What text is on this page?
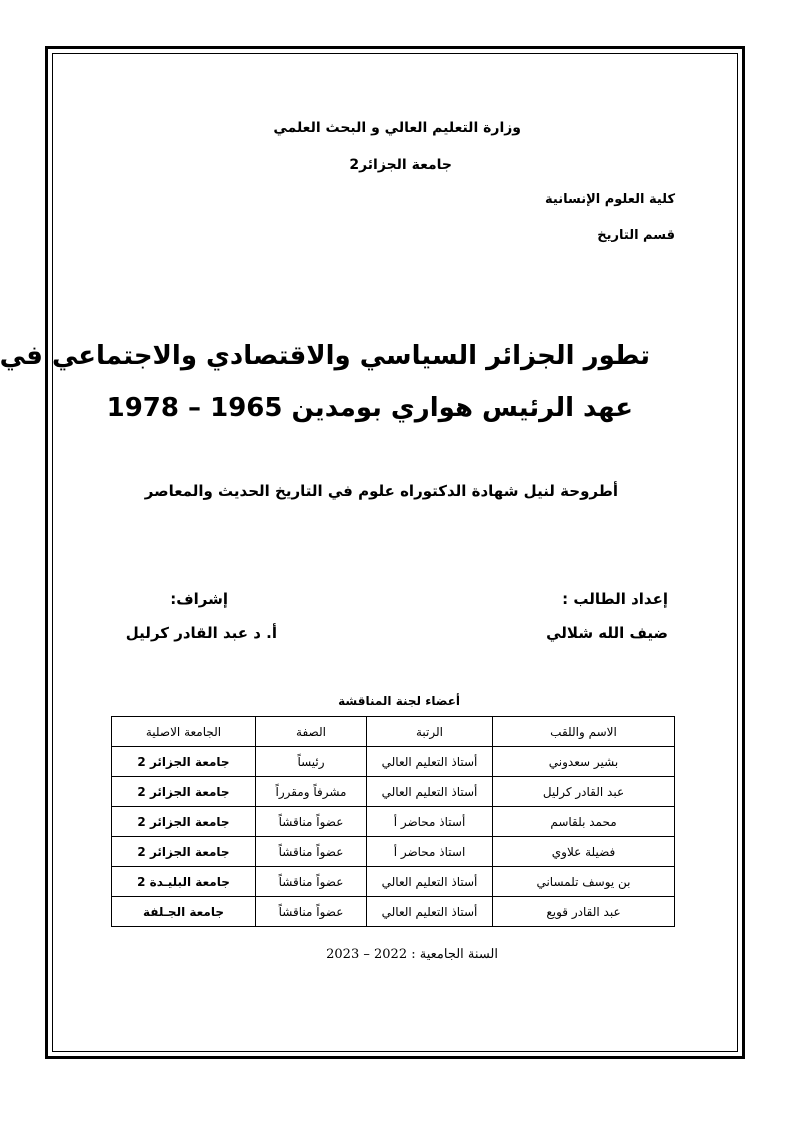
وزارة التعليم العالي و البحث العلمي
جامعة الجزائر2
كلية العلوم الإنسانية
قسم التاريخ
تطور الجزائر السياسي والاقتصادي والاجتماعي في
عهد الرئيس هواري بومدين 1965 – 1978
أطروحة لنيل شهادة الدكتوراه علوم في التاريخ الحديث والمعاصر
إعداد الطالب :
ضيف الله شلالي
إشراف:
أ. د عبد القادر كرليل
أعضاء لجنة المناقشة
الاسم واللقب	الرتبة	الصفة	الجامعة الاصلية
بشير سعدوني	أستاذ التعليم العالي	رئيساً	جامعة الجزائر 2
عبد القادر كرليل	أستاذ التعليم العالي	مشرفاً ومقرراً	جامعة الجزائر 2
محمد بلقاسم	أستاذ محاضر أ	عضواً مناقشاً	جامعة الجزائر 2
فضيلة علاوي	استاذ محاضر أ	عضواً مناقشاً	جامعة الجزائر 2
بن يوسف تلمساني	أستاذ التعليم العالي	عضواً مناقشاً	جامعة البليـدة 2
عبد القادر قويع	أستاذ التعليم العالي	عضواً مناقشاً	جامعة الجـلفة
السنة الجامعية : 2022 – 2023
